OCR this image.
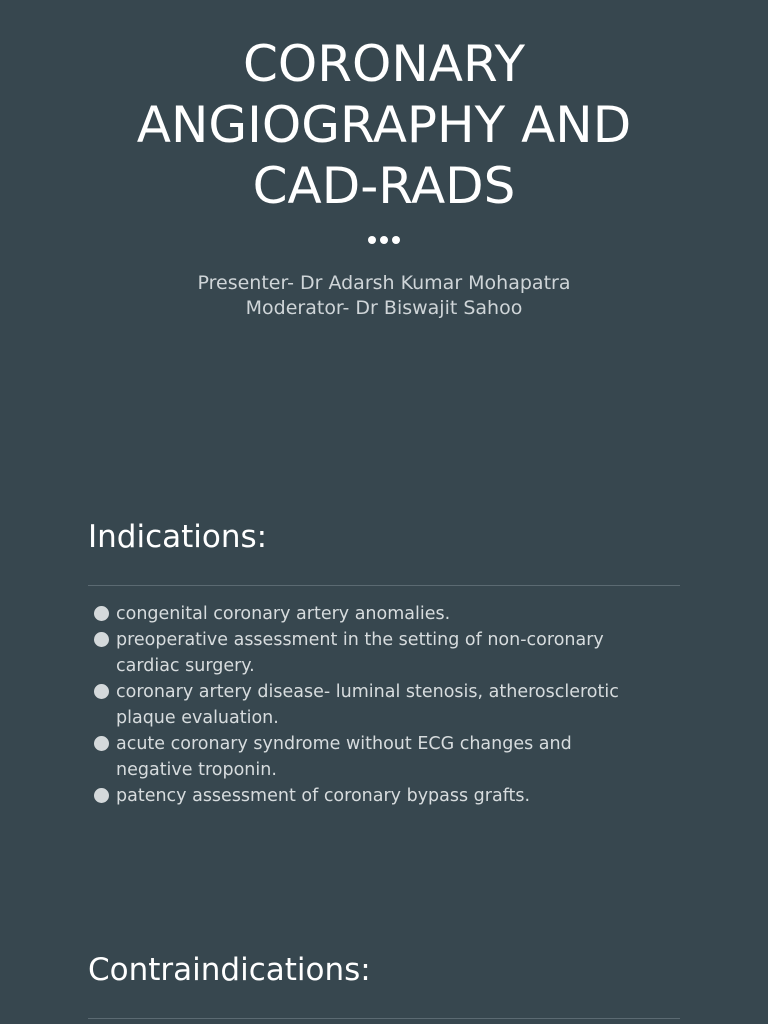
CORONARY
ANGIOGRAPHY AND
CAD-RADS
Presenter- Dr Adarsh Kumar Mohapatra
Moderator- Dr Biswajit Sahoo
Indications:
congenital coronary artery anomalies.
preoperative assessment in the setting of non-coronary
cardiac surgery.
coronary artery disease- luminal stenosis, atherosclerotic
plaque evaluation.
acute coronary syndrome without ECG changes and
negative troponin.
patency assessment of coronary bypass grafts.
Contraindications:
